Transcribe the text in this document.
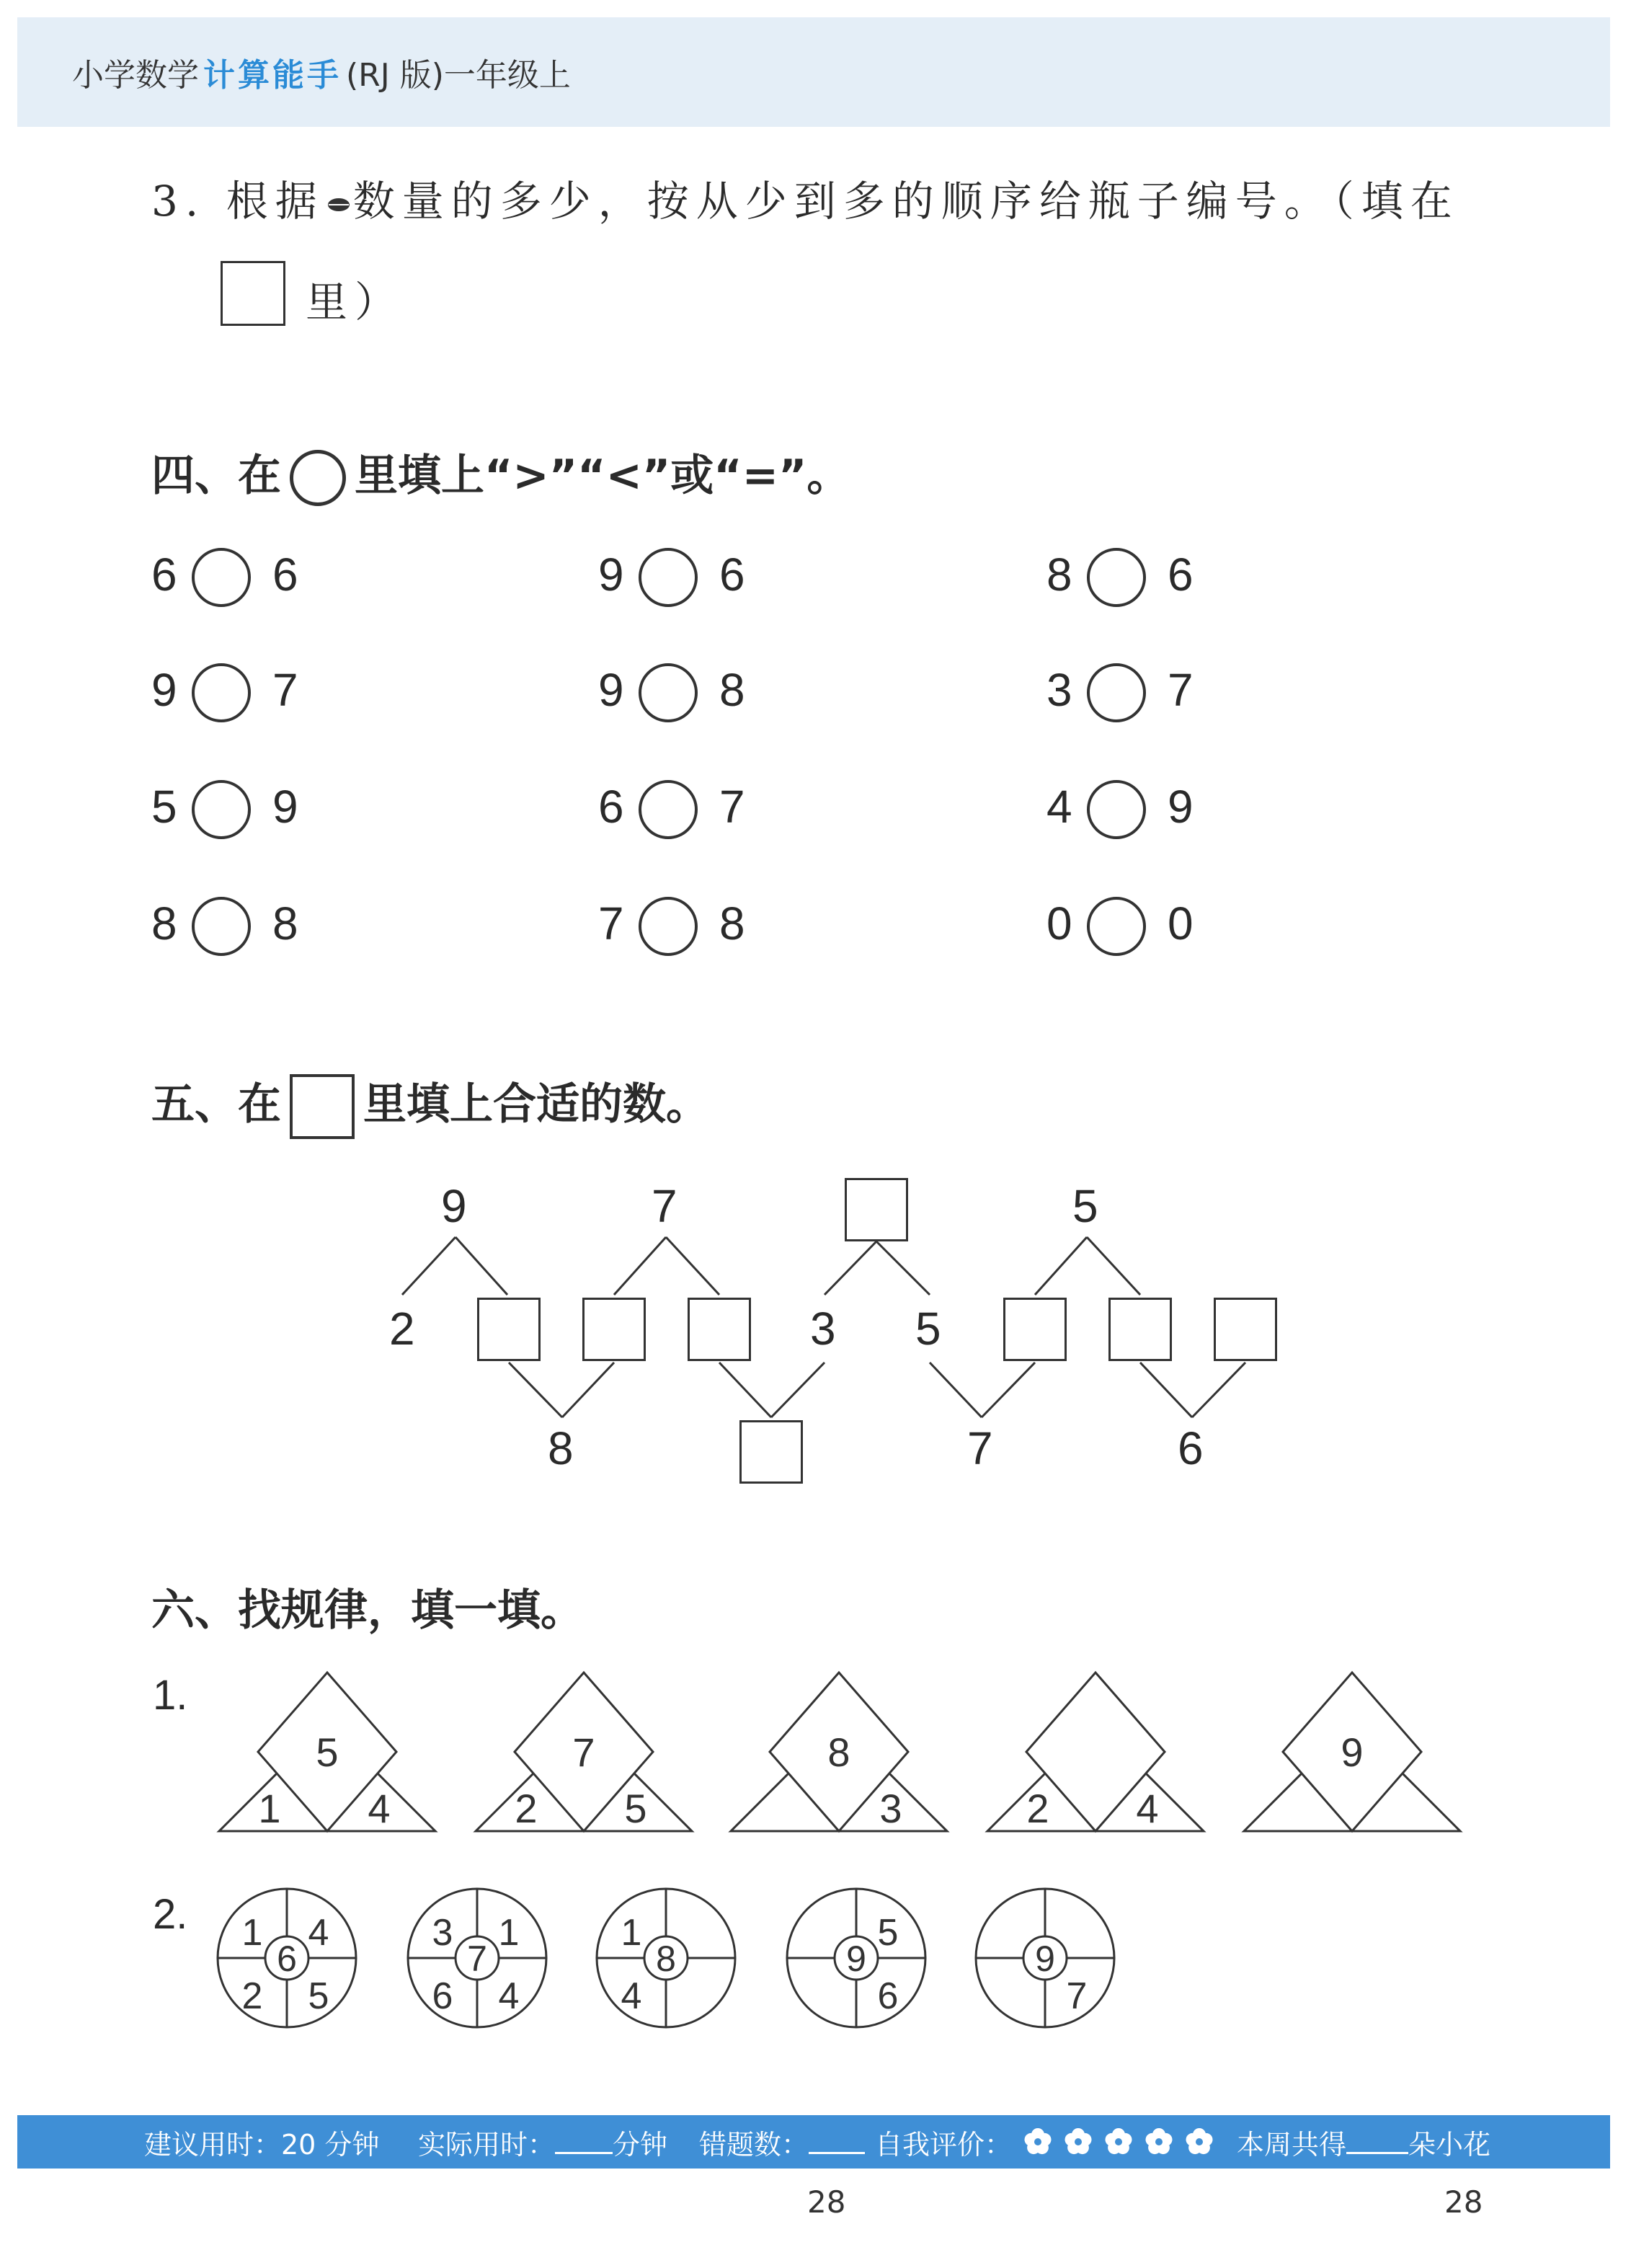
小学数学 计算能手 (RJ 版)一年级上
3. 根据 数量的多少，按从少到多的顺序给瓶子编号。（填在
里）
四、在 里填上“>”“<”或“=”。
6 6	9 6	8 6
9 7	9 8	3 7
5 9	6 7	4 9
8 8	7 8	0 0
五、在 里填上合适的数。
9	7	5
2	3 5
8	7	6
六、找规律，填一填。
1.
2.
5
1 4
7
2 5
8
3	2 4
9
6
1 4
2 5
7
3 1
6 4
8
1
4
9
5
6
9
7
建议用时：20 分钟 实际用时： 分钟 错题数：	自我评价：	本周共得 朵小花
28	28
